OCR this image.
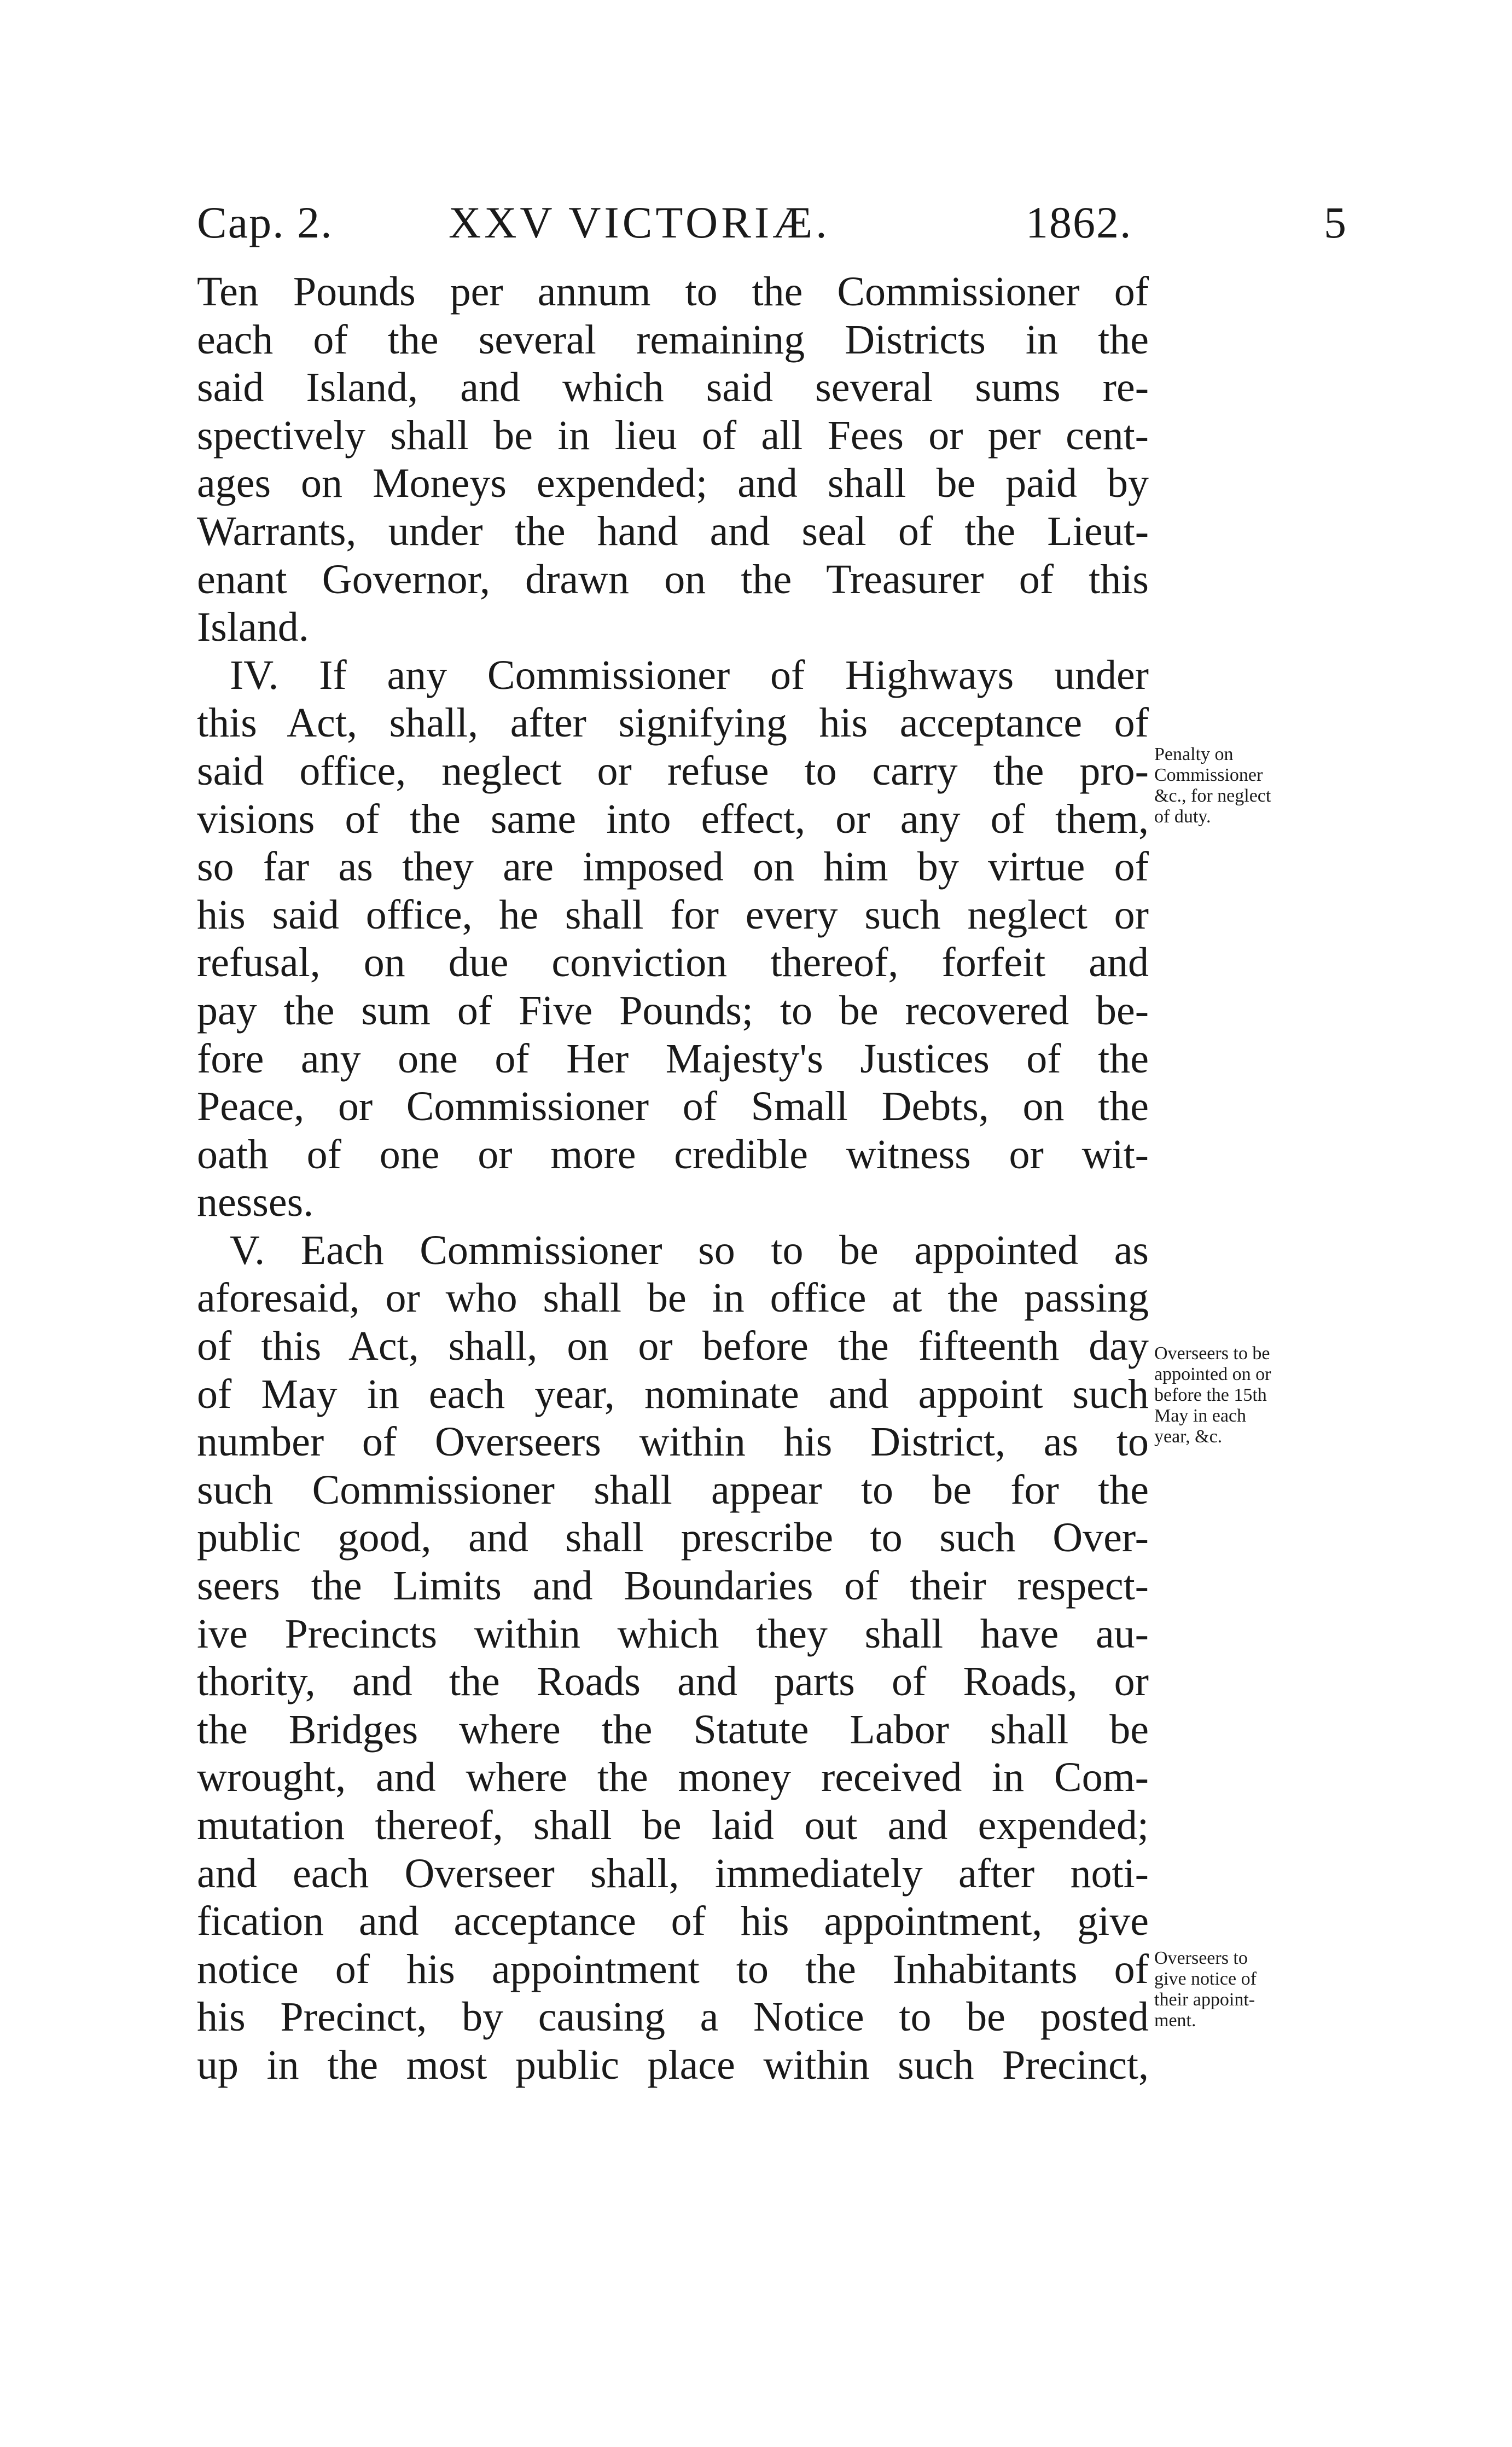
Cap. 2.	XXV VICTORIÆ.	1862.	5
Ten Pounds per annum to the Commissioner of
each of the several remaining Districts in the
said Island, and which said several sums re-
spectively shall be in lieu of all Fees or per cent-
ages on Moneys expended; and shall be paid by
Warrants, under the hand and seal of the Lieut-
enant Governor, drawn on the Treasurer of this
Island.
IV. If any Commissioner of Highways under
this Act, shall, after signifying his acceptance of
said office, neglect or refuse to carry the pro-
visions of the same into effect, or any of them,
so far as they are imposed on him by virtue of
his said office, he shall for every such neglect or
refusal, on due conviction thereof, forfeit and
pay the sum of Five Pounds; to be recovered be-
fore any one of Her Majesty's Justices of the
Peace, or Commissioner of Small Debts, on the
oath of one or more credible witness or wit-
nesses.
V. Each Commissioner so to be appointed as
aforesaid, or who shall be in office at the passing
of this Act, shall, on or before the fifteenth day
of May in each year, nominate and appoint such
number of Overseers within his District, as to
such Commissioner shall appear to be for the
public good, and shall prescribe to such Over-
seers the Limits and Boundaries of their respect-
ive Precincts within which they shall have au-
thority, and the Roads and parts of Roads, or
the Bridges where the Statute Labor shall be
wrought, and where the money received in Com-
mutation thereof, shall be laid out and expended;
and each Overseer shall, immediately after noti-
fication and acceptance of his appointment, give
notice of his appointment to the Inhabitants of
his Precinct, by causing a Notice to be posted
up in the most public place within such Precinct,
Penalty on
Commissioner
&c., for neglect
of duty.
Overseers to be
appointed on or
before the 15th
May in each
year, &c.
Overseers to
give notice of
their appoint-
ment.
